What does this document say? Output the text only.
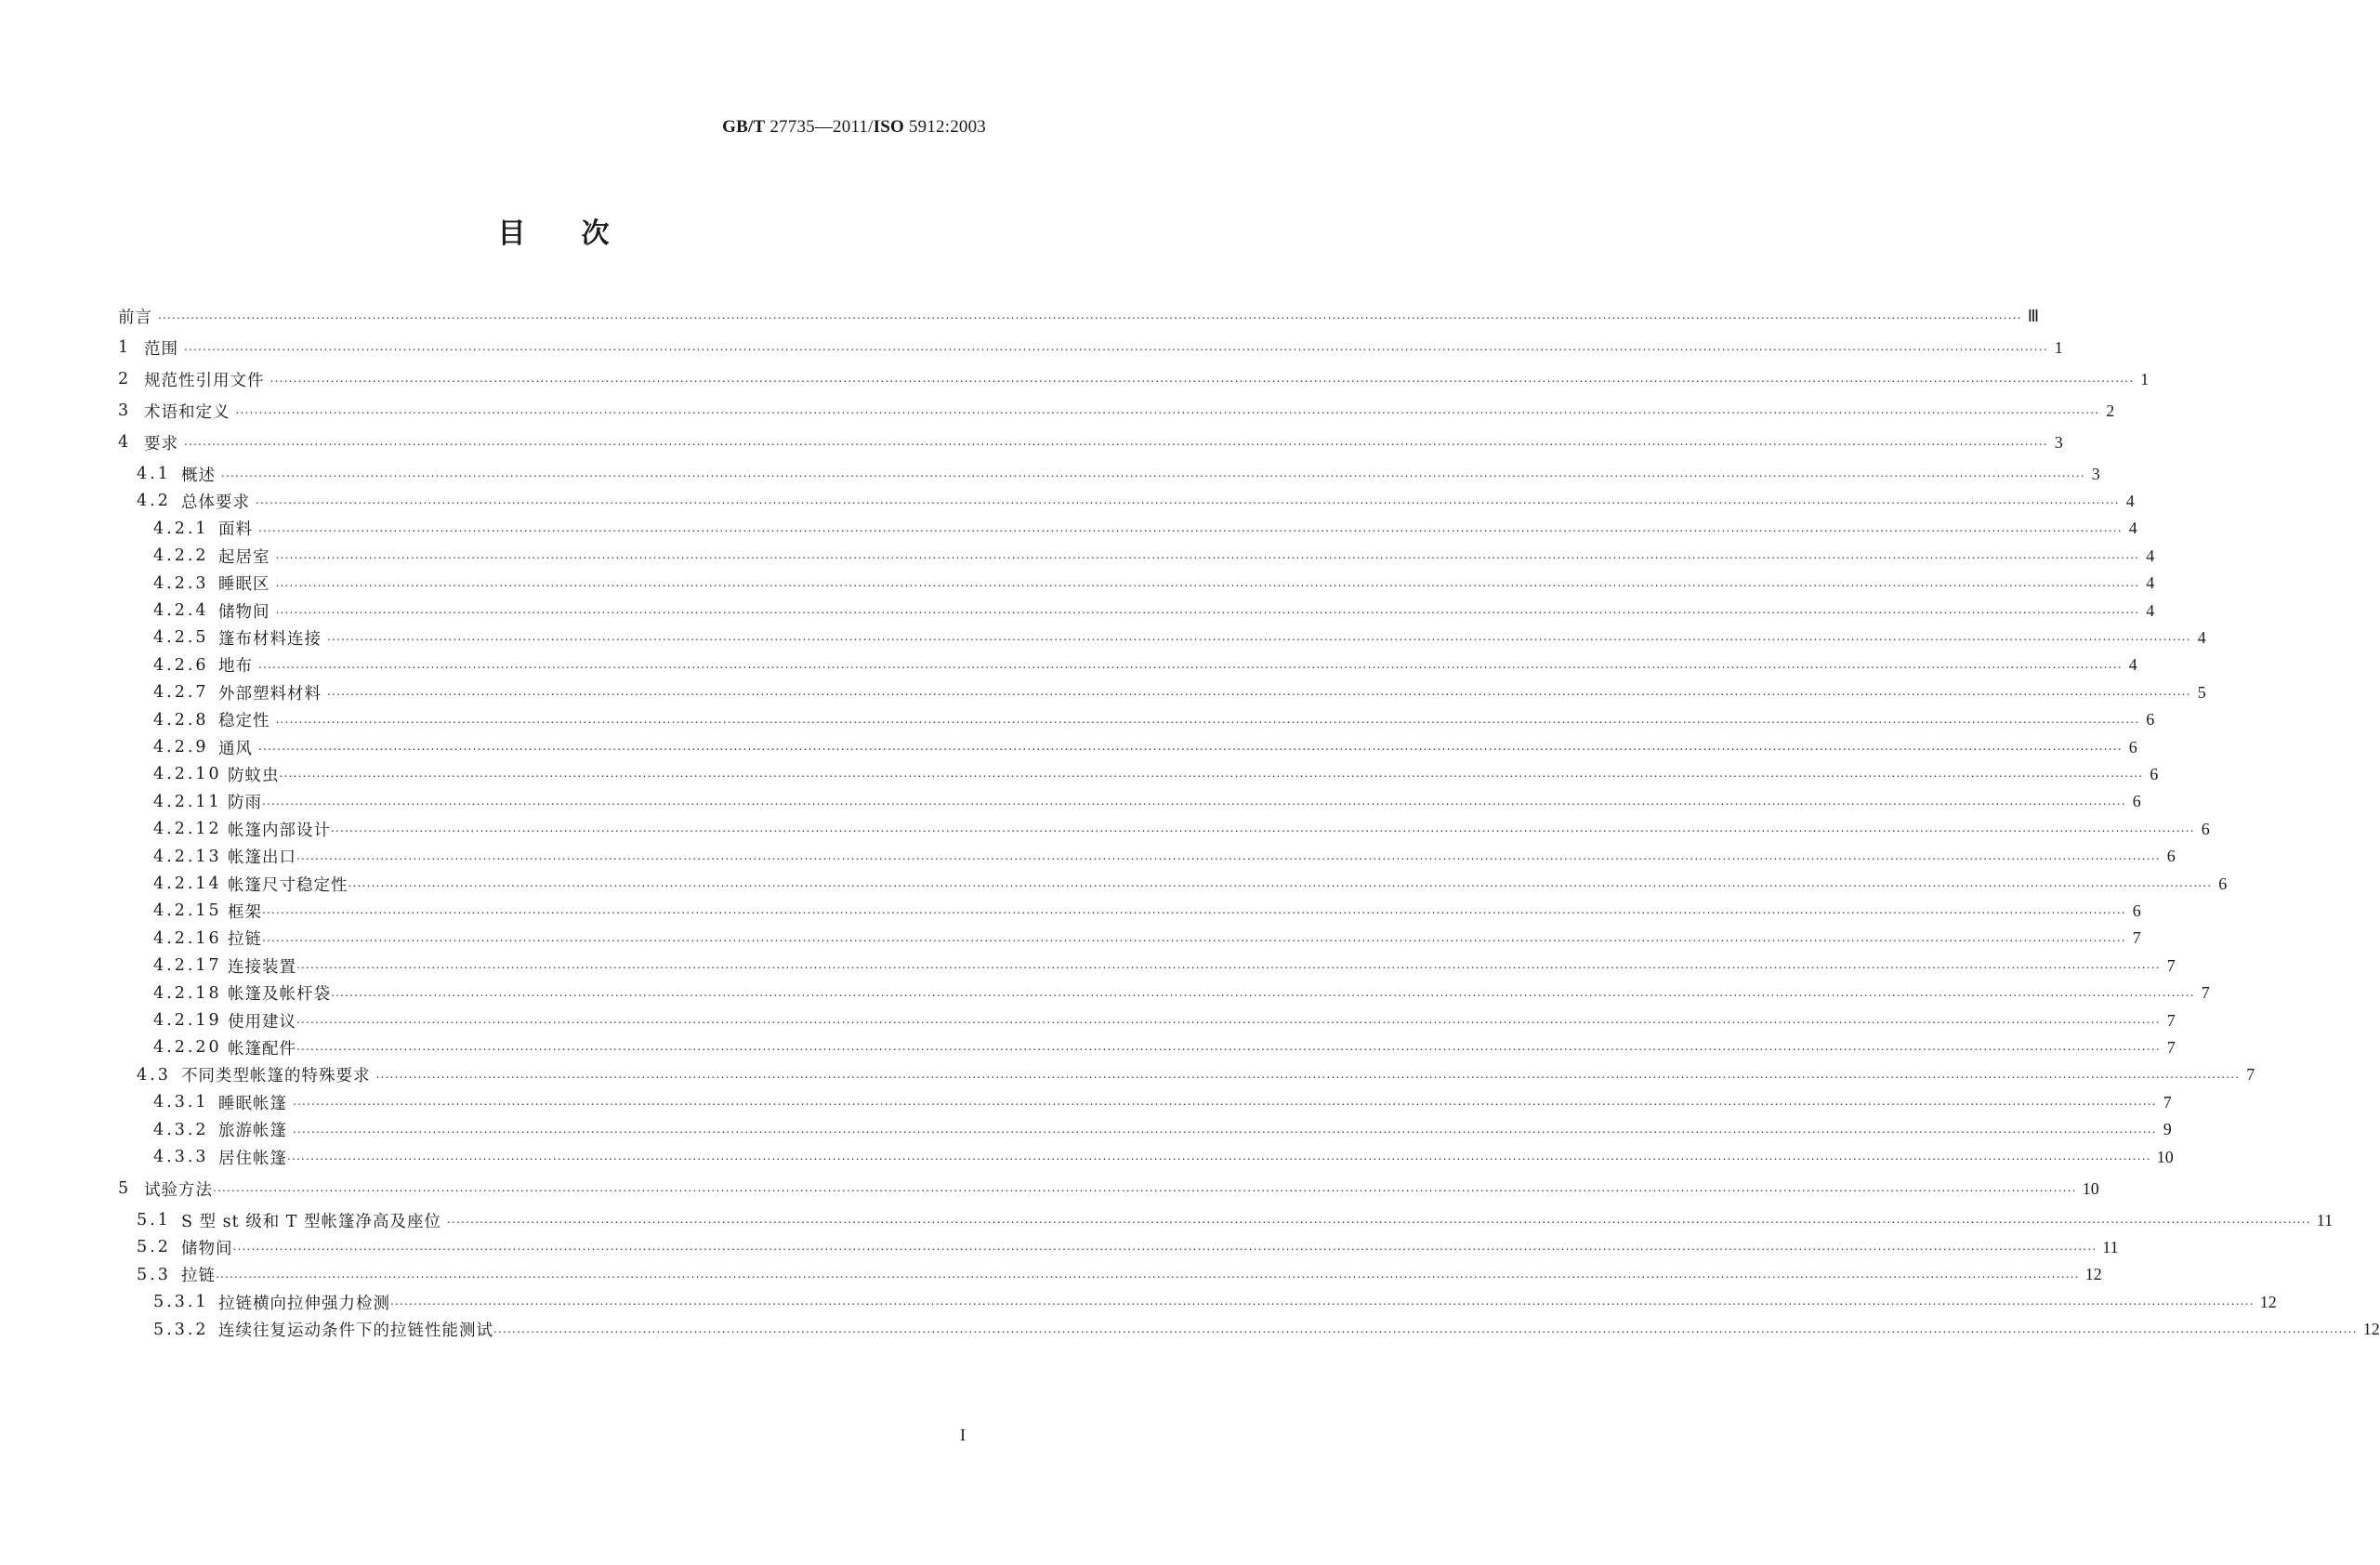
GB/T 27735—2011/ISO 5912:2003
目次
前言 ................................................................................................................................................................................................................................................................................................................................................................................................................ Ⅲ
1 范围 ................................................................................................................................................................................................................................................................................................................................................................................................................ 1
2 规范性引用文件 ................................................................................................................................................................................................................................................................................................................................................................................................................ 1
3 术语和定义 ................................................................................................................................................................................................................................................................................................................................................................................................................ 2
4 要求 ................................................................................................................................................................................................................................................................................................................................................................................................................ 3
4.1 概述 ................................................................................................................................................................................................................................................................................................................................................................................................................ 3
4.2 总体要求 ................................................................................................................................................................................................................................................................................................................................................................................................................ 4
4.2.1 面料 ................................................................................................................................................................................................................................................................................................................................................................................................................ 4
4.2.2 起居室 ................................................................................................................................................................................................................................................................................................................................................................................................................ 4
4.2.3 睡眠区 ................................................................................................................................................................................................................................................................................................................................................................................................................ 4
4.2.4 储物间 ................................................................................................................................................................................................................................................................................................................................................................................................................ 4
4.2.5 篷布材料连接 ................................................................................................................................................................................................................................................................................................................................................................................................................ 4
4.2.6 地布 ................................................................................................................................................................................................................................................................................................................................................................................................................ 4
4.2.7 外部塑料材料 ................................................................................................................................................................................................................................................................................................................................................................................................................ 5
4.2.8 稳定性 ................................................................................................................................................................................................................................................................................................................................................................................................................ 6
4.2.9 通风 ................................................................................................................................................................................................................................................................................................................................................................................................................ 6
4.2.10 防蚊虫 ................................................................................................................................................................................................................................................................................................................................................................................................................ 6
4.2.11 防雨 ................................................................................................................................................................................................................................................................................................................................................................................................................ 6
4.2.12 帐篷内部设计 ................................................................................................................................................................................................................................................................................................................................................................................................................ 6
4.2.13 帐篷出口 ................................................................................................................................................................................................................................................................................................................................................................................................................ 6
4.2.14 帐篷尺寸稳定性 ................................................................................................................................................................................................................................................................................................................................................................................................................ 6
4.2.15 框架 ................................................................................................................................................................................................................................................................................................................................................................................................................ 6
4.2.16 拉链 ................................................................................................................................................................................................................................................................................................................................................................................................................ 7
4.2.17 连接装置 ................................................................................................................................................................................................................................................................................................................................................................................................................ 7
4.2.18 帐篷及帐杆袋 ................................................................................................................................................................................................................................................................................................................................................................................................................ 7
4.2.19 使用建议 ................................................................................................................................................................................................................................................................................................................................................................................................................ 7
4.2.20 帐篷配件 ................................................................................................................................................................................................................................................................................................................................................................................................................ 7
4.3 不同类型帐篷的特殊要求 ................................................................................................................................................................................................................................................................................................................................................................................................................ 7
4.3.1 睡眠帐篷 ................................................................................................................................................................................................................................................................................................................................................................................................................ 7
4.3.2 旅游帐篷 ................................................................................................................................................................................................................................................................................................................................................................................................................ 9
4.3.3 居住帐篷 ................................................................................................................................................................................................................................................................................................................................................................................................................ 10
5 试验方法 ................................................................................................................................................................................................................................................................................................................................................................................................................ 10
5.1 S 型 st 级和 T 型帐篷净高及座位 ................................................................................................................................................................................................................................................................................................................................................................................................................ 11
5.2 储物间 ................................................................................................................................................................................................................................................................................................................................................................................................................ 11
5.3 拉链 ................................................................................................................................................................................................................................................................................................................................................................................................................ 12
5.3.1 拉链横向拉伸强力检测 ................................................................................................................................................................................................................................................................................................................................................................................................................ 12
5.3.2 连续往复运动条件下的拉链性能测试 ................................................................................................................................................................................................................................................................................................................................................................................................................ 12
I
